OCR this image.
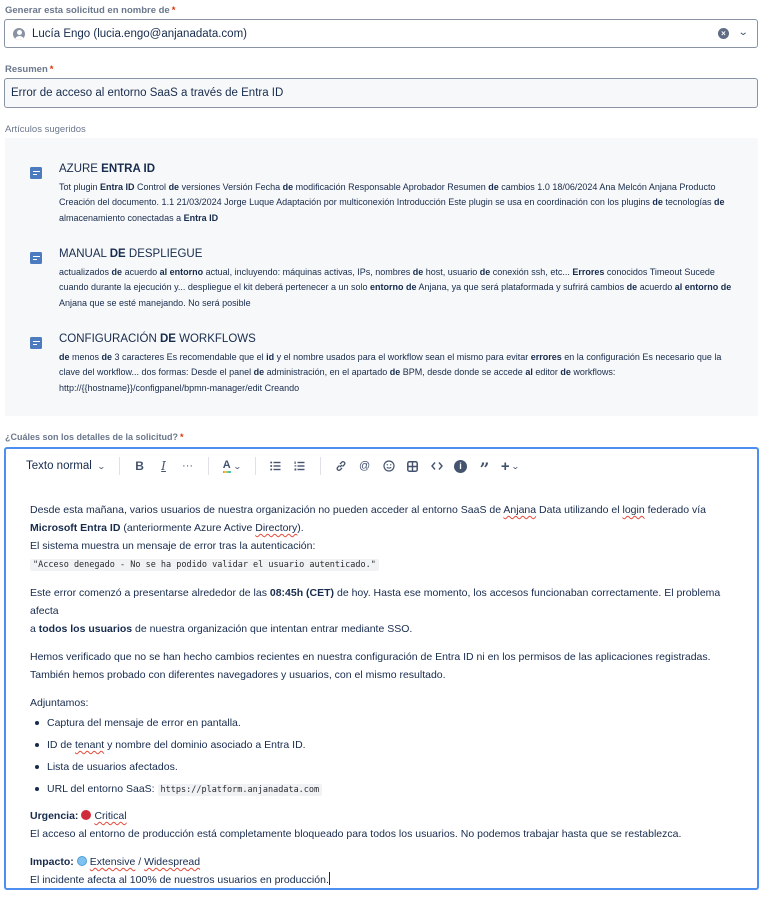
Generar esta solicitud en nombre de *
Lucía Engo (lucia.engo@anjanadata.com)	×	⌄
Resumen *
Error de acceso al entorno SaaS a través de Entra ID
Artículos sugeridos
AZURE ENTRA ID
Tot plugin Entra ID Control de versiones Versión Fecha de modificación Responsable Aprobador Resumen de cambios 1.0 18/06/2024 Ana Melcón Anjana Producto Creación del documento. 1.1 21/03/2024 Jorge Luque Adaptación por multiconexión Introducción Este plugin se usa en coordinación con los plugins de tecnologías de almacenamiento conectadas a Entra ID
MANUAL DE DESPLIEGUE
actualizados de acuerdo al entorno actual, incluyendo: máquinas activas, IPs, nombres de host, usuario de conexión ssh, etc... Errores conocidos Timeout Sucede cuando durante la ejecución y... despliegue el kit deberá pertenecer a un solo entorno de Anjana, ya que será plataformada y sufrirá cambios de acuerdo al entorno de Anjana que se esté manejando. No será posible
CONFIGURACIÓN DE WORKFLOWS
de menos de 3 caracteres Es recomendable que el id y el nombre usados para el workflow sean el mismo para evitar errores en la configuración Es necesario que la clave del workflow... dos formas: Desde el panel de administración, en el apartado de BPM, desde donde se accede al editor de workflows: http://{{hostname}}/configpanel/bpmn-manager/edit Creando
¿Cuáles son los detalles de la solicitud? *
Texto normal ⌄	B	I	···	A ⌄	@	i	” + ⌄

Desde esta mañana, varios usuarios de nuestra organización no pueden acceder al entorno SaaS de Anjana Data utilizando el login federado vía

Microsoft Entra ID (anteriormente Azure Active Directory).

El sistema muestra un mensaje de error tras la autenticación:

"Acceso denegado - No se ha podido validar el usuario autenticado."

Este error comenzó a presentarse alrededor de las 08:45h (CET) de hoy. Hasta ese momento, los accesos funcionaban correctamente. El problema afecta

a todos los usuarios de nuestra organización que intentan entrar mediante SSO.

Hemos verificado que no se han hecho cambios recientes en nuestra configuración de Entra ID ni en los permisos de las aplicaciones registradas.

También hemos probado con diferentes navegadores y usuarios, con el mismo resultado.

Adjuntamos:

Captura del mensaje de error en pantalla.
ID de tenant y nombre del dominio asociado a Entra ID.
Lista de usuarios afectados.
URL del entorno SaaS: https://platform.anjanadata.com

Urgencia: Critical

El acceso al entorno de producción está completamente bloqueado para todos los usuarios. No podemos trabajar hasta que se restablezca.

Impacto: Extensive / Widespread

El incidente afecta al 100% de nuestros usuarios en producción.
